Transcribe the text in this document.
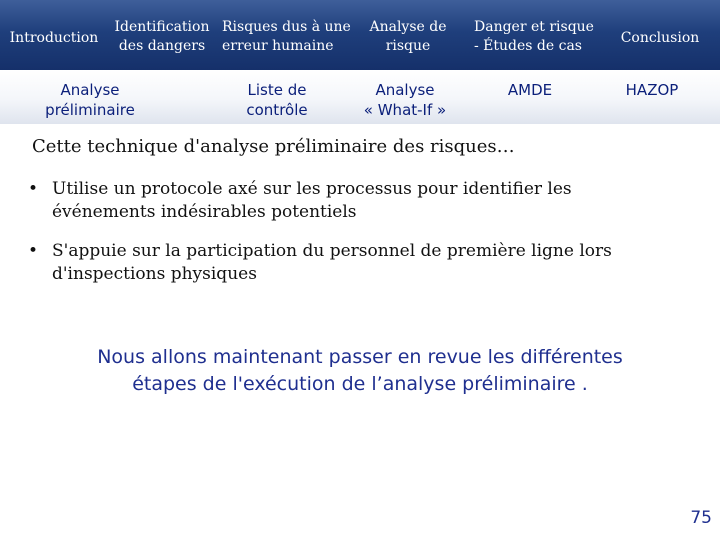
Introduction
Identification
des dangers
Risques dus à une
erreur humaine
Analyse de
risque
Danger et risque
- Études de cas	Conclusion
Analyse
préliminaire
Liste de
contrôle
Analyse
« What-If »
AMDE	HAZOP
Cette technique d'analyse préliminaire des risques…
• Utilise un protocole axé sur les processus pour identifier les
événements indésirables potentiels
• S'appuie sur la participation du personnel de première ligne lors
d'inspections physiques
Nous allons maintenant passer en revue les différentes
étapes de l'exécution de l’analyse préliminaire .
75
